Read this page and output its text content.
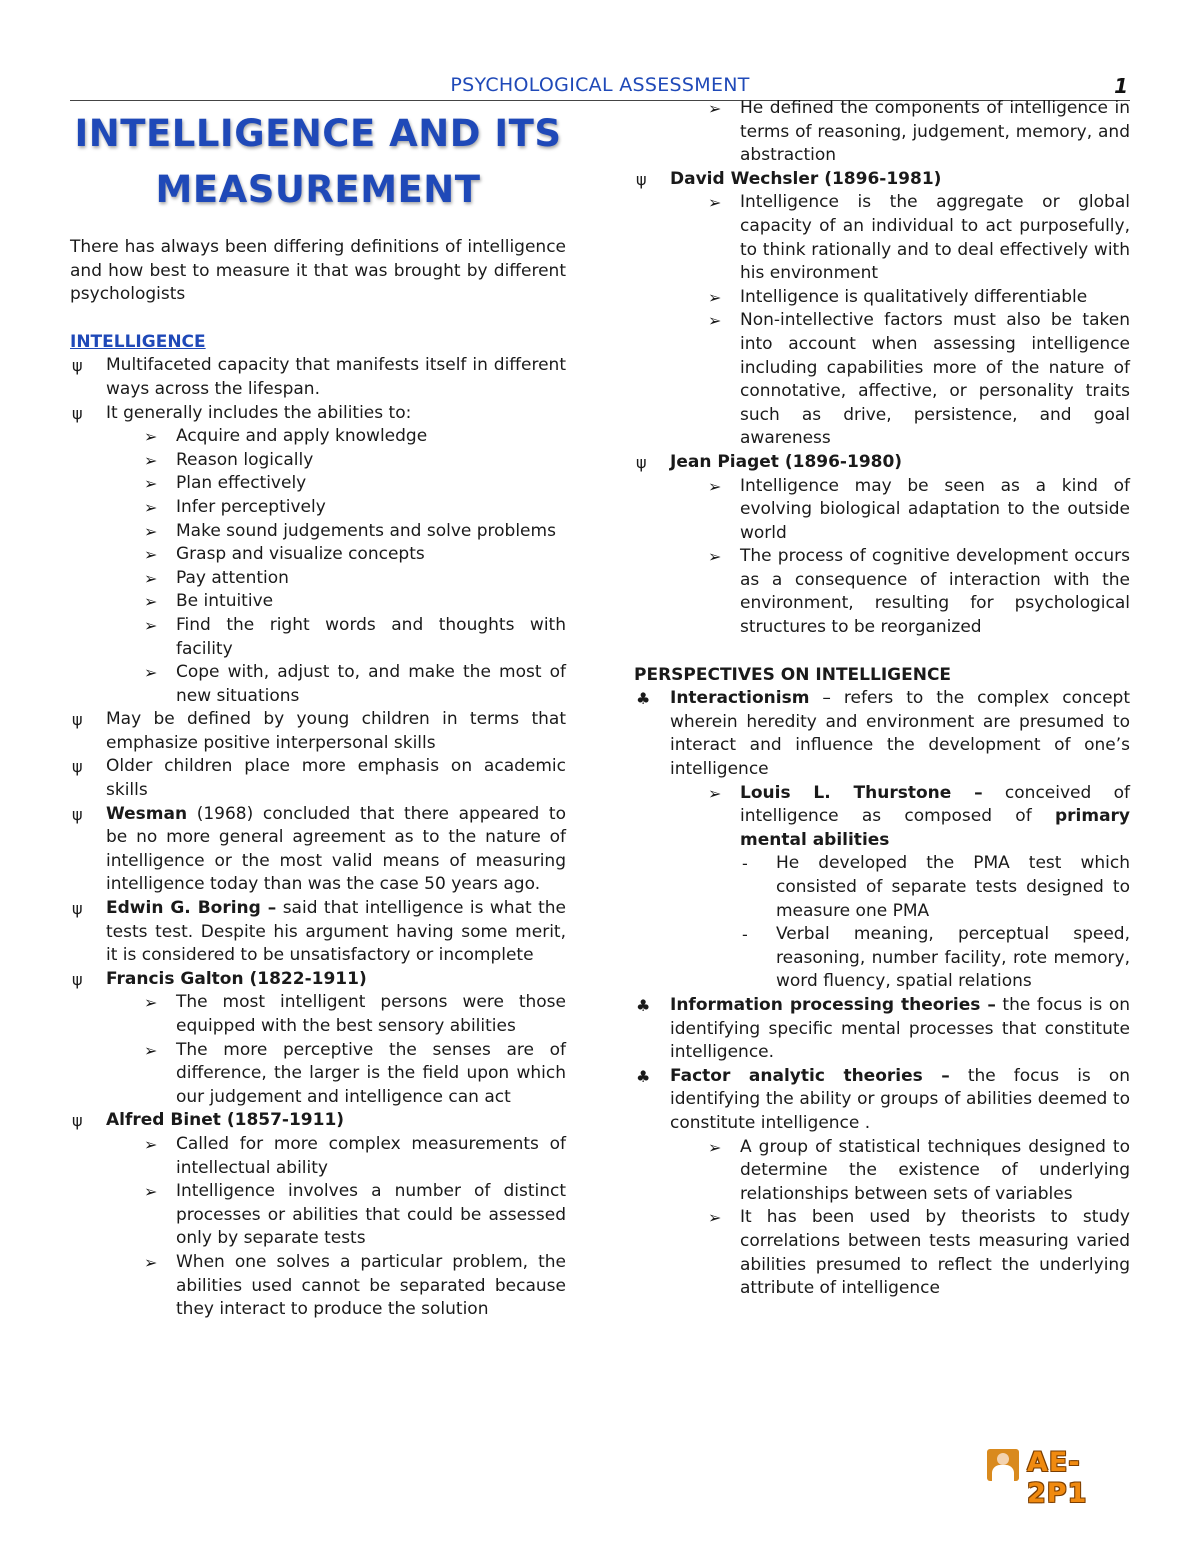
PSYCHOLOGICAL ASSESSMENT	1
INTELLIGENCE AND ITS
MEASUREMENT

There has always been differing definitions of intelligence and how best to measure it that was brought by different psychologists

INTELLIGENCE
ψ Multifaceted capacity that manifests itself in different ways across the lifespan.
ψ It generally includes the abilities to:
➢ Acquire and apply knowledge
➢ Reason logically
➢ Plan effectively
➢ Infer perceptively
➢ Make sound judgements and solve problems
➢ Grasp and visualize concepts
➢ Pay attention
➢ Be intuitive
➢ Find the right words and thoughts with facility
➢ Cope with, adjust to, and make the most of new situations
ψ May be defined by young children in terms that emphasize positive interpersonal skills
ψ Older children place more emphasis on academic skills
ψ Wesman (1968) concluded that there appeared to be no more general agreement as to the nature of intelligence or the most valid means of measuring intelligence today than was the case 50 years ago.
ψ Edwin G. Boring – said that intelligence is what the tests test. Despite his argument having some merit, it is considered to be unsatisfactory or incomplete
ψ Francis Galton (1822-1911)
➢ The most intelligent persons were those equipped with the best sensory abilities
➢ The more perceptive the senses are of difference, the larger is the field upon which our judgement and intelligence can act
ψ Alfred Binet (1857-1911)
➢ Called for more complex measurements of intellectual ability
➢ Intelligence involves a number of distinct processes or abilities that could be assessed only by separate tests
➢ When one solves a particular problem, the abilities used cannot be separated because they interact to produce the solution
➢ He defined the components of intelligence in terms of reasoning, judgement, memory, and abstraction
ψ David Wechsler (1896-1981)
➢ Intelligence is the aggregate or global capacity of an individual to act purposefully, to think rationally and to deal effectively with his environment
➢ Intelligence is qualitatively differentiable
➢ Non-intellective factors must also be taken into account when assessing intelligence including capabilities more of the nature of connotative, affective, or personality traits such as drive, persistence, and goal awareness
ψ Jean Piaget (1896-1980)
➢ Intelligence may be seen as a kind of evolving biological adaptation to the outside world
➢ The process of cognitive development occurs as a consequence of interaction with the environment, resulting for psychological structures to be reorganized
PERSPECTIVES ON INTELLIGENCE
♣ Interactionism – refers to the complex concept wherein heredity and environment are presumed to interact and influence the development of one’s intelligence
➢ Louis L. Thurstone – conceived of intelligence as composed of primary mental abilities
- He developed the PMA test which consisted of separate tests designed to measure one PMA
- Verbal meaning, perceptual speed, reasoning, number facility, rote memory, word fluency, spatial relations
♣ Information processing theories – the focus is on identifying specific mental processes that constitute intelligence.
♣ Factor analytic theories – the focus is on identifying the ability or groups of abilities deemed to constitute intelligence .
➢ A group of statistical techniques designed to determine the existence of underlying relationships between sets of variables
➢ It has been used by theorists to study correlations between tests measuring varied abilities presumed to reflect the underlying attribute of intelligence
AE-2P1
